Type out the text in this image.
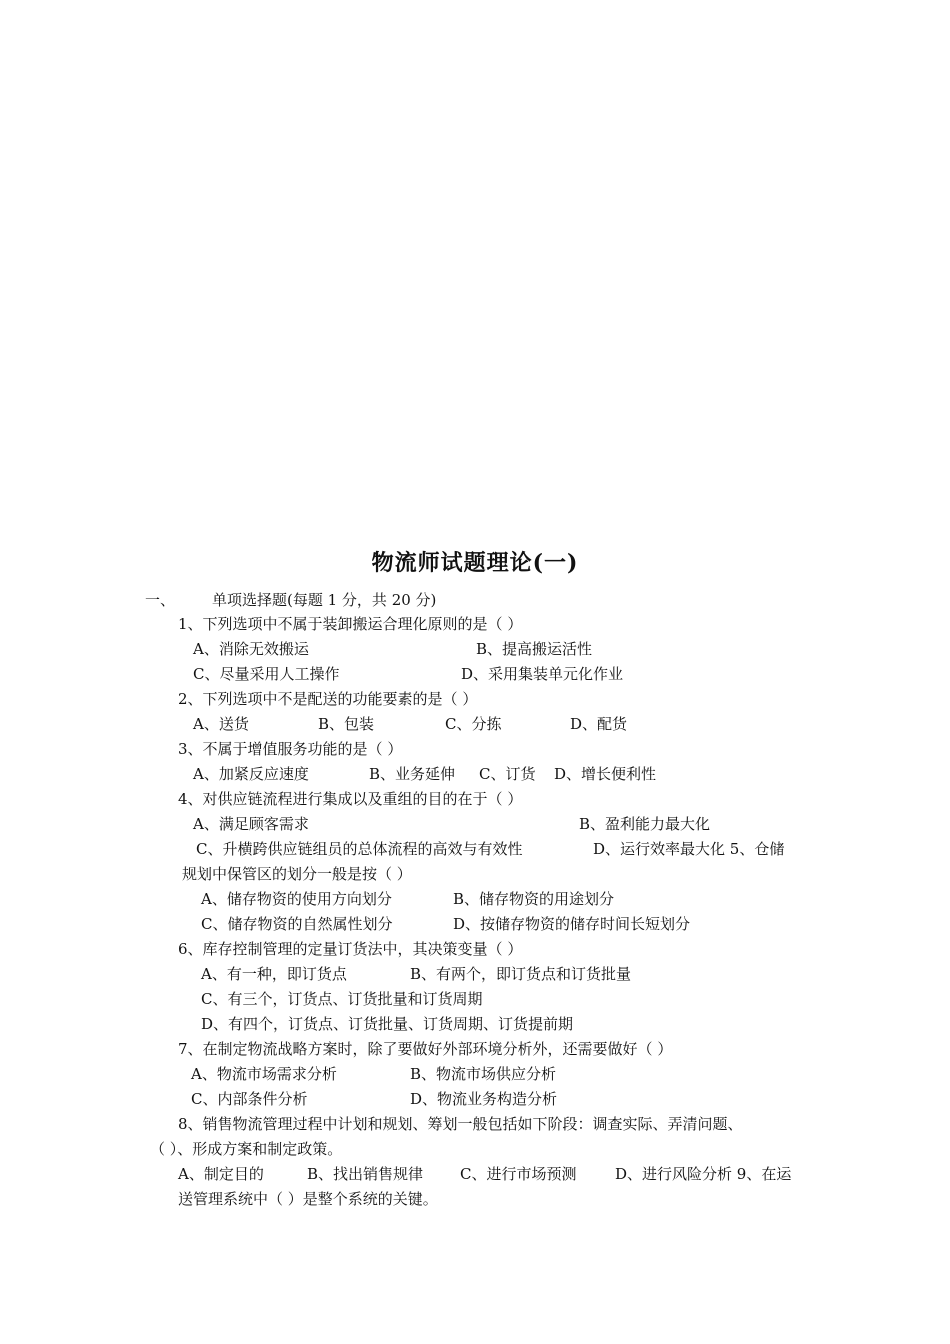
物流师试题理论(一)
一、 单项选择题(每题 1 分，共 20 分)
1、下列选项中不属于装卸搬运合理化原则的是（ ）
A、消除无效搬运	B、提高搬运活性
C、尽量采用人工操作	D、采用集装单元化作业
2、下列选项中不是配送的功能要素的是（ ）
A、送货	B、包装	C、分拣	D、配货
3、不属于增值服务功能的是（ ）
A、加紧反应速度	B、业务延伸 C、订货 D、增长便利性
4、对供应链流程进行集成以及重组的目的在于（ ）
A、满足顾客需求	B、盈利能力最大化
C、升横跨供应链组员的总体流程的高效与有效性	D、运行效率最大化 5、仓储
规划中保管区的划分一般是按（ ）
A、储存物资的使用方向划分	B、储存物资的用途划分
C、储存物资的自然属性划分	D、按储存物资的储存时间长短划分
6、库存控制管理的定量订货法中，其决策变量（ ）
A、有一种，即订货点	B、有两个，即订货点和订货批量
C、有三个，订货点、订货批量和订货周期
D、有四个，订货点、订货批量、订货周期、订货提前期
7、在制定物流战略方案时，除了要做好外部环境分析外，还需要做好（ ）
A、物流市场需求分析	B、物流市场供应分析
C、内部条件分析	D、物流业务构造分析
8、销售物流管理过程中计划和规划、筹划一般包括如下阶段：调查实际、弄清问题、
（ ）、形成方案和制定政策。
A、制定目的	B、找出销售规律 C、进行市场预测	D、进行风险分析 9、在运
送管理系统中（ ）是整个系统的关键。
